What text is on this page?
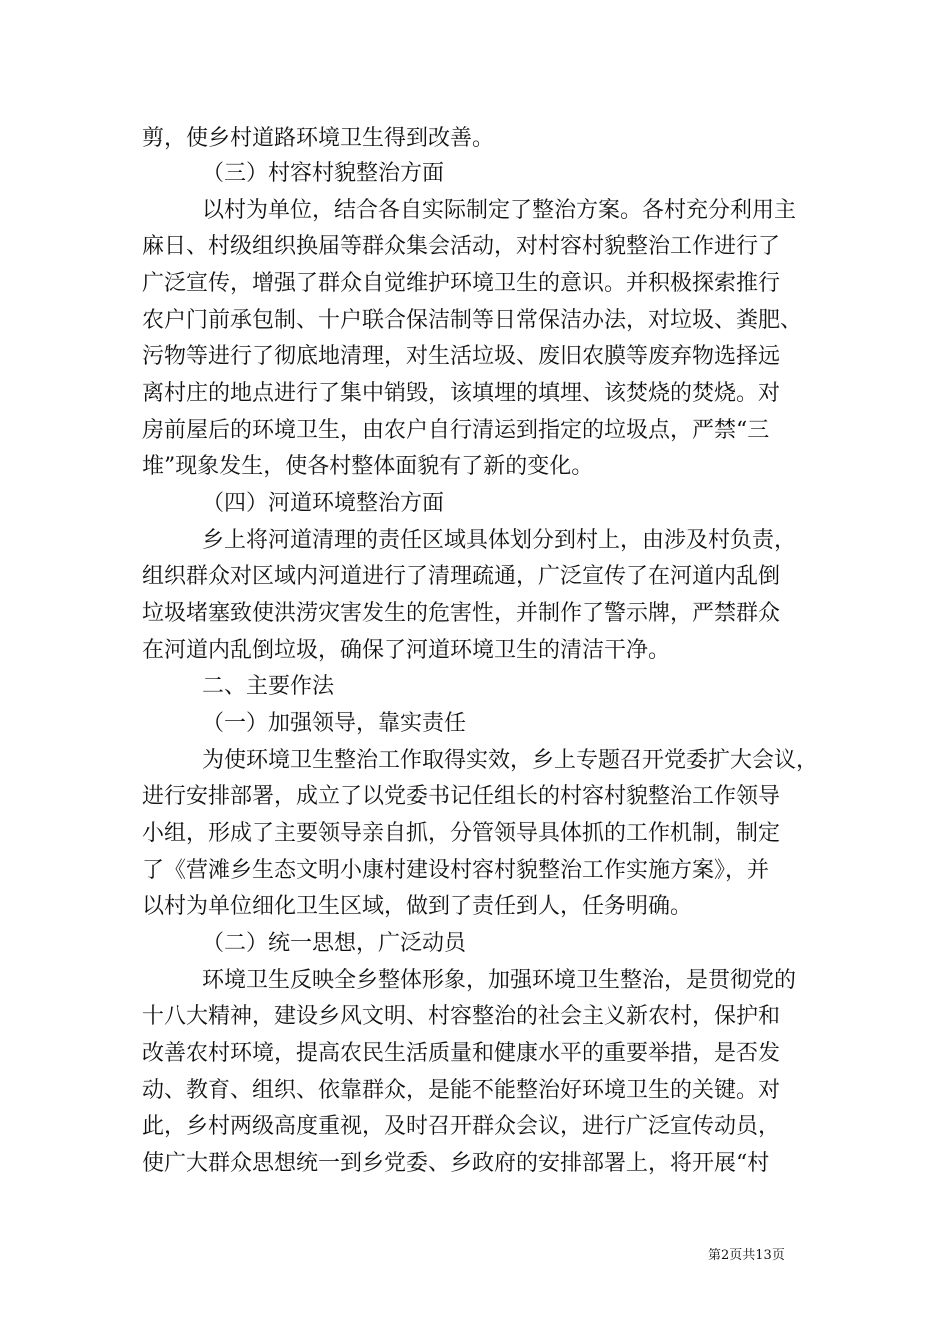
剪，使乡村道路环境卫生得到改善。
（三）村容村貌整治方面
以村为单位，结合各自实际制定了整治方案。各村充分利用主
麻日、村级组织换届等群众集会活动，对村容村貌整治工作进行了
广泛宣传，增强了群众自觉维护环境卫生的意识。并积极探索推行
农户门前承包制、十户联合保洁制等日常保洁办法，对垃圾、粪肥、
污物等进行了彻底地清理，对生活垃圾、废旧农膜等废弃物选择远
离村庄的地点进行了集中销毁，该填埋的填埋、该焚烧的焚烧。对
房前屋后的环境卫生，由农户自行清运到指定的垃圾点，严禁“三
堆”现象发生，使各村整体面貌有了新的变化。
（四）河道环境整治方面
乡上将河道清理的责任区域具体划分到村上，由涉及村负责，
组织群众对区域内河道进行了清理疏通，广泛宣传了在河道内乱倒
垃圾堵塞致使洪涝灾害发生的危害性，并制作了警示牌，严禁群众
在河道内乱倒垃圾，确保了河道环境卫生的清洁干净。
二、主要作法
（一）加强领导，靠实责任
为使环境卫生整治工作取得实效，乡上专题召开党委扩大会议，
进行安排部署，成立了以党委书记任组长的村容村貌整治工作领导
小组，形成了主要领导亲自抓，分管领导具体抓的工作机制，制定
了《营滩乡生态文明小康村建设村容村貌整治工作实施方案》，并
以村为单位细化卫生区域，做到了责任到人，任务明确。
（二）统一思想，广泛动员
环境卫生反映全乡整体形象，加强环境卫生整治，是贯彻党的
十八大精神，建设乡风文明、村容整治的社会主义新农村，保护和
改善农村环境，提高农民生活质量和健康水平的重要举措，是否发
动、教育、组织、依靠群众，是能不能整治好环境卫生的关键。对
此，乡村两级高度重视，及时召开群众会议，进行广泛宣传动员，
使广大群众思想统一到乡党委、乡政府的安排部署上，将开展“村
第2页共13页
